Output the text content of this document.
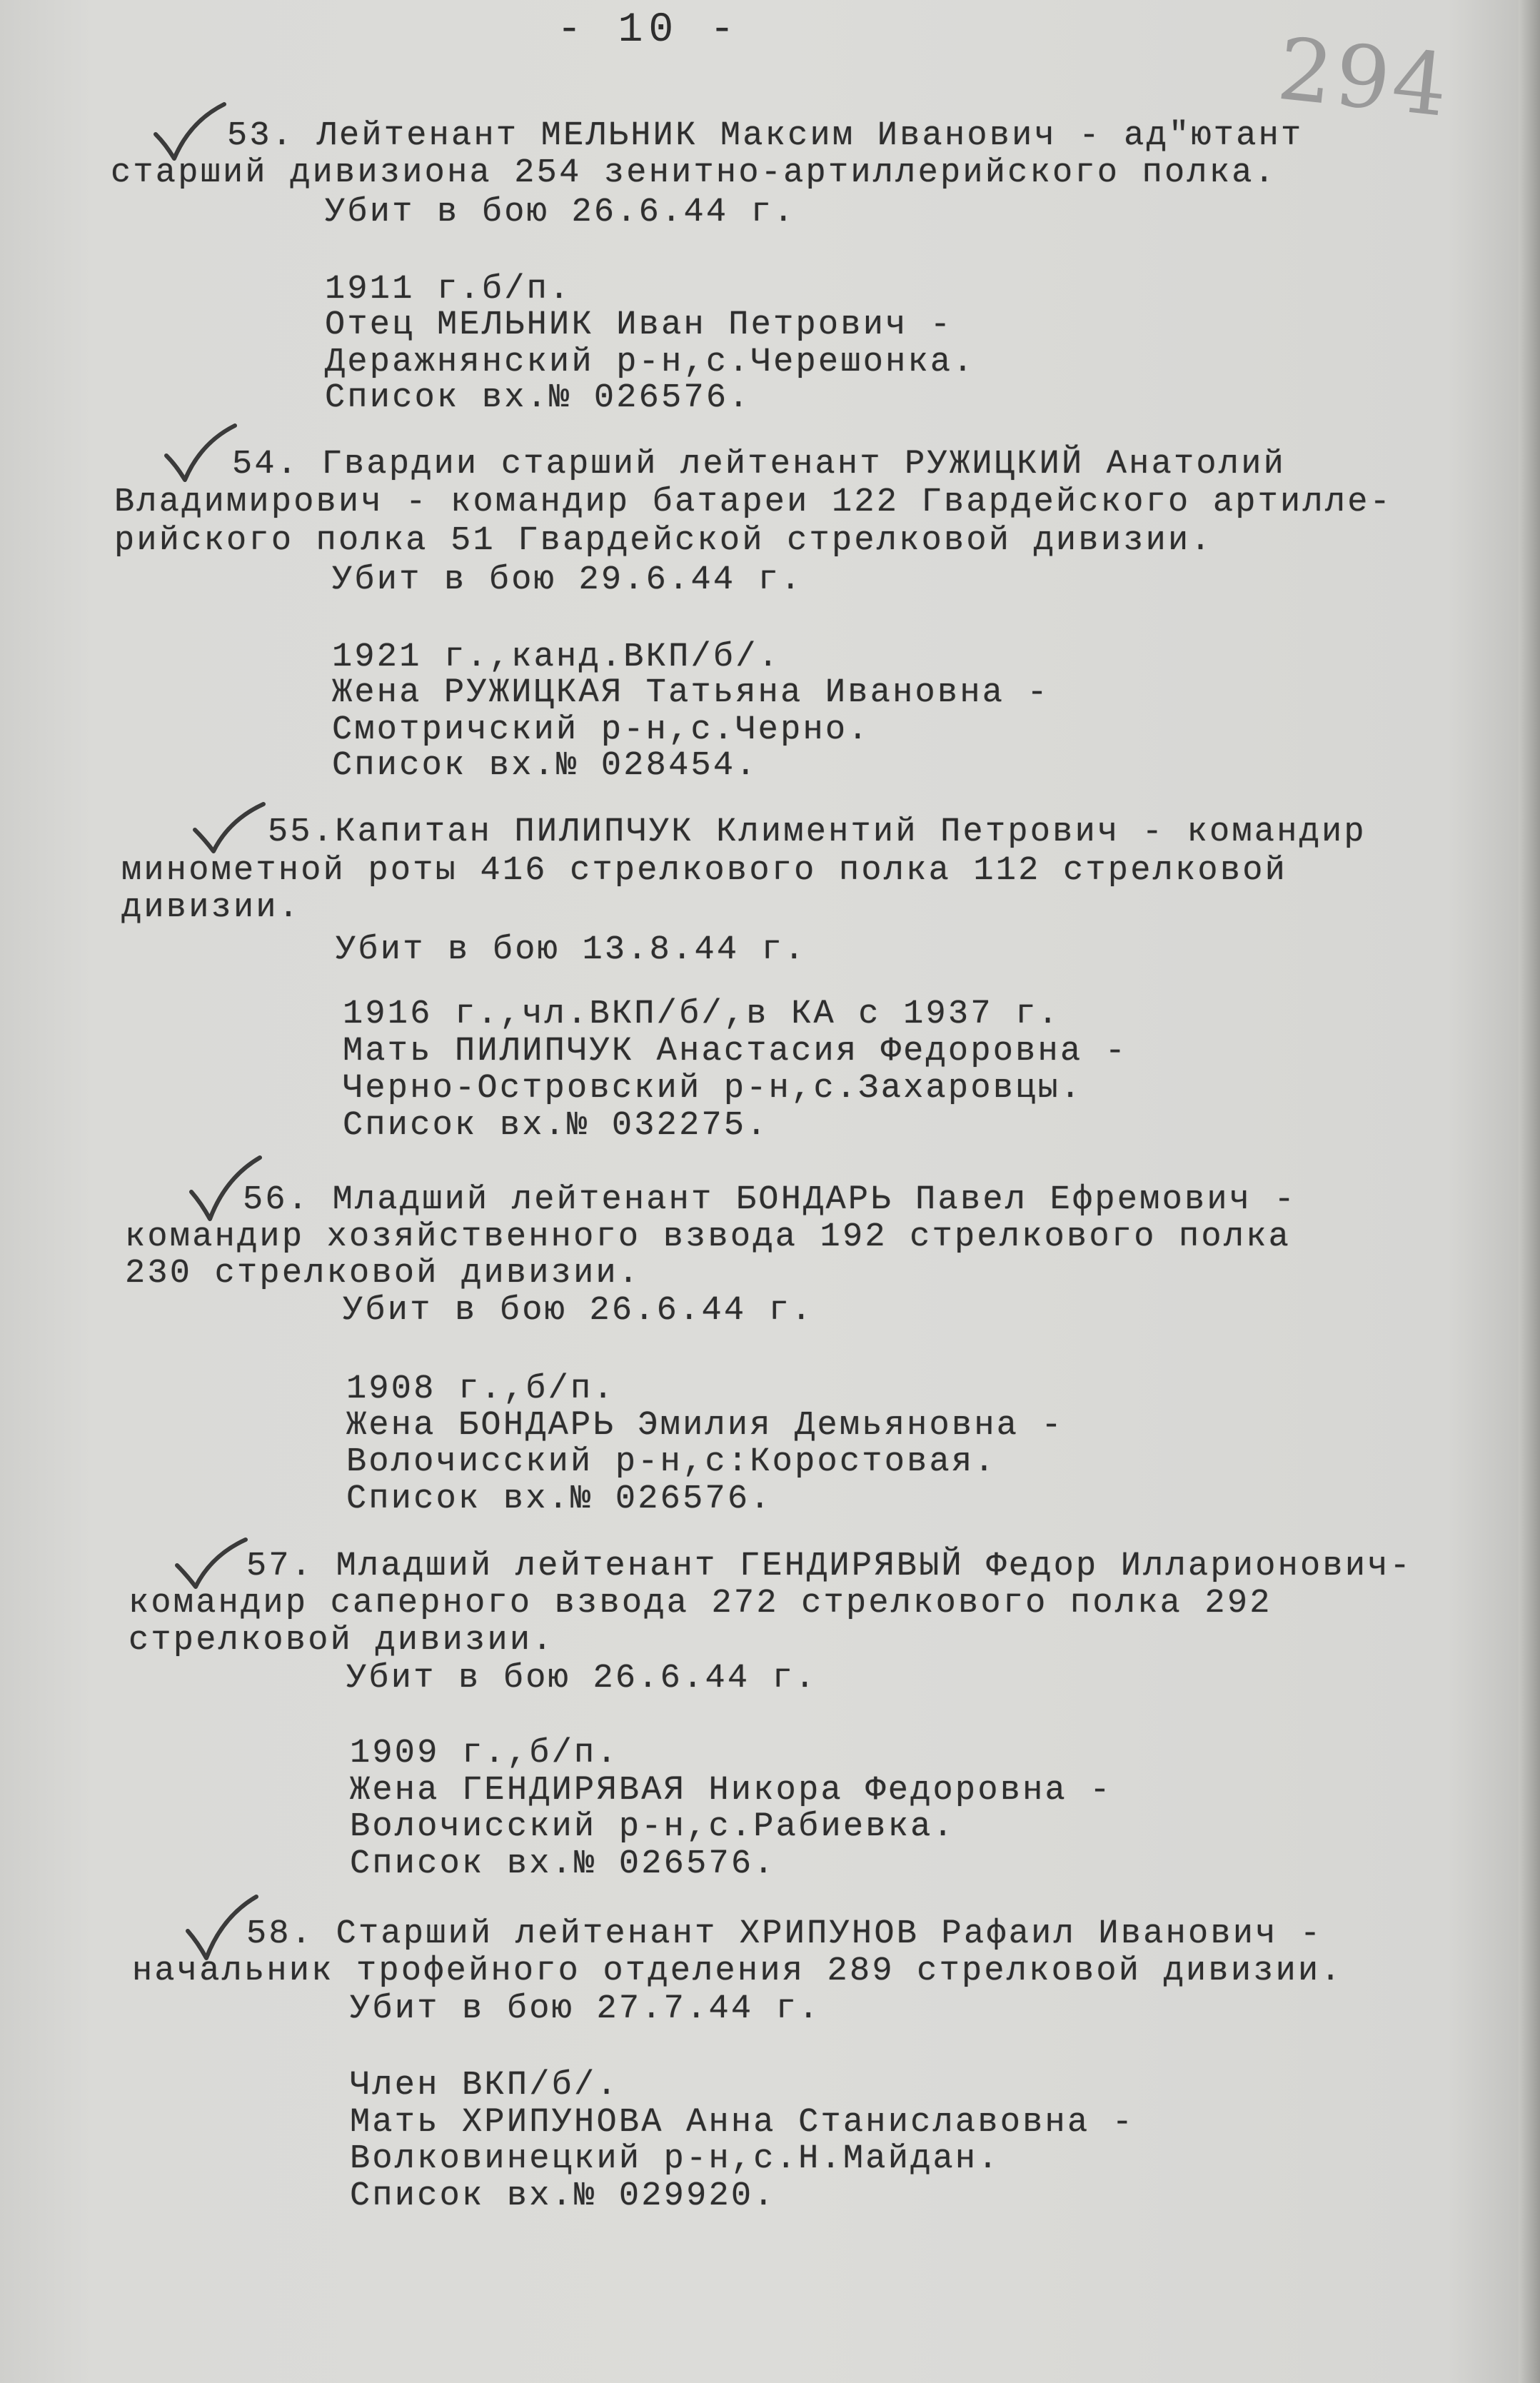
- 10 -	294
53. Лейтенант МЕЛЬНИК Максим Иванович - ад"ютант
старший дивизиона 254 зенитно-артиллерийского полка.
Убит в бою 26.6.44 г.
1911 г.б/п.
Отец МЕЛЬНИК Иван Петрович -
Деражнянский р-н,с.Черешонка.
Список вх.№ 026576.
54. Гвардии старший лейтенант РУЖИЦКИЙ Анатолий
Владимирович - командир батареи 122 Гвардейского артилле-
рийского полка 51 Гвардейской стрелковой дивизии.
Убит в бою 29.6.44 г.
1921 г.,канд.ВКП/б/.
Жена РУЖИЦКАЯ Татьяна Ивановна -
Смотричский р-н,с.Черно.
Список вх.№ 028454.
55.Капитан ПИЛИПЧУК Климентий Петрович - командир
минометной роты 416 стрелкового полка 112 стрелковой
дивизии.
Убит в бою 13.8.44 г.
1916 г.,чл.ВКП/б/,в КА с 1937 г.
Мать ПИЛИПЧУК Анастасия Федоровна -
Черно-Островский р-н,с.Захаровцы.
Список вх.№ 032275.
56. Младший лейтенант БОНДАРЬ Павел Ефремович -
командир хозяйственного взвода 192 стрелкового полка
230 стрелковой дивизии.
Убит в бою 26.6.44 г.
1908 г.,б/п.
Жена БОНДАРЬ Эмилия Демьяновна -
Волочисский р-н,с:Коростовая.
Список вх.№ 026576.
57. Младший лейтенант ГЕНДИРЯВЫЙ Федор Илларионович-
командир саперного взвода 272 стрелкового полка 292
стрелковой дивизии.
Убит в бою 26.6.44 г.
1909 г.,б/п.
Жена ГЕНДИРЯВАЯ Никора Федоровна -
Волочисский р-н,с.Рабиевка.
Список вх.№ 026576.
58. Старший лейтенант ХРИПУНОВ Рафаил Иванович -
начальник трофейного отделения 289 стрелковой дивизии.
Убит в бою 27.7.44 г.
Член ВКП/б/.
Мать ХРИПУНОВА Анна Станиславовна -
Волковинецкий р-н,с.Н.Майдан.
Список вх.№ 029920.
